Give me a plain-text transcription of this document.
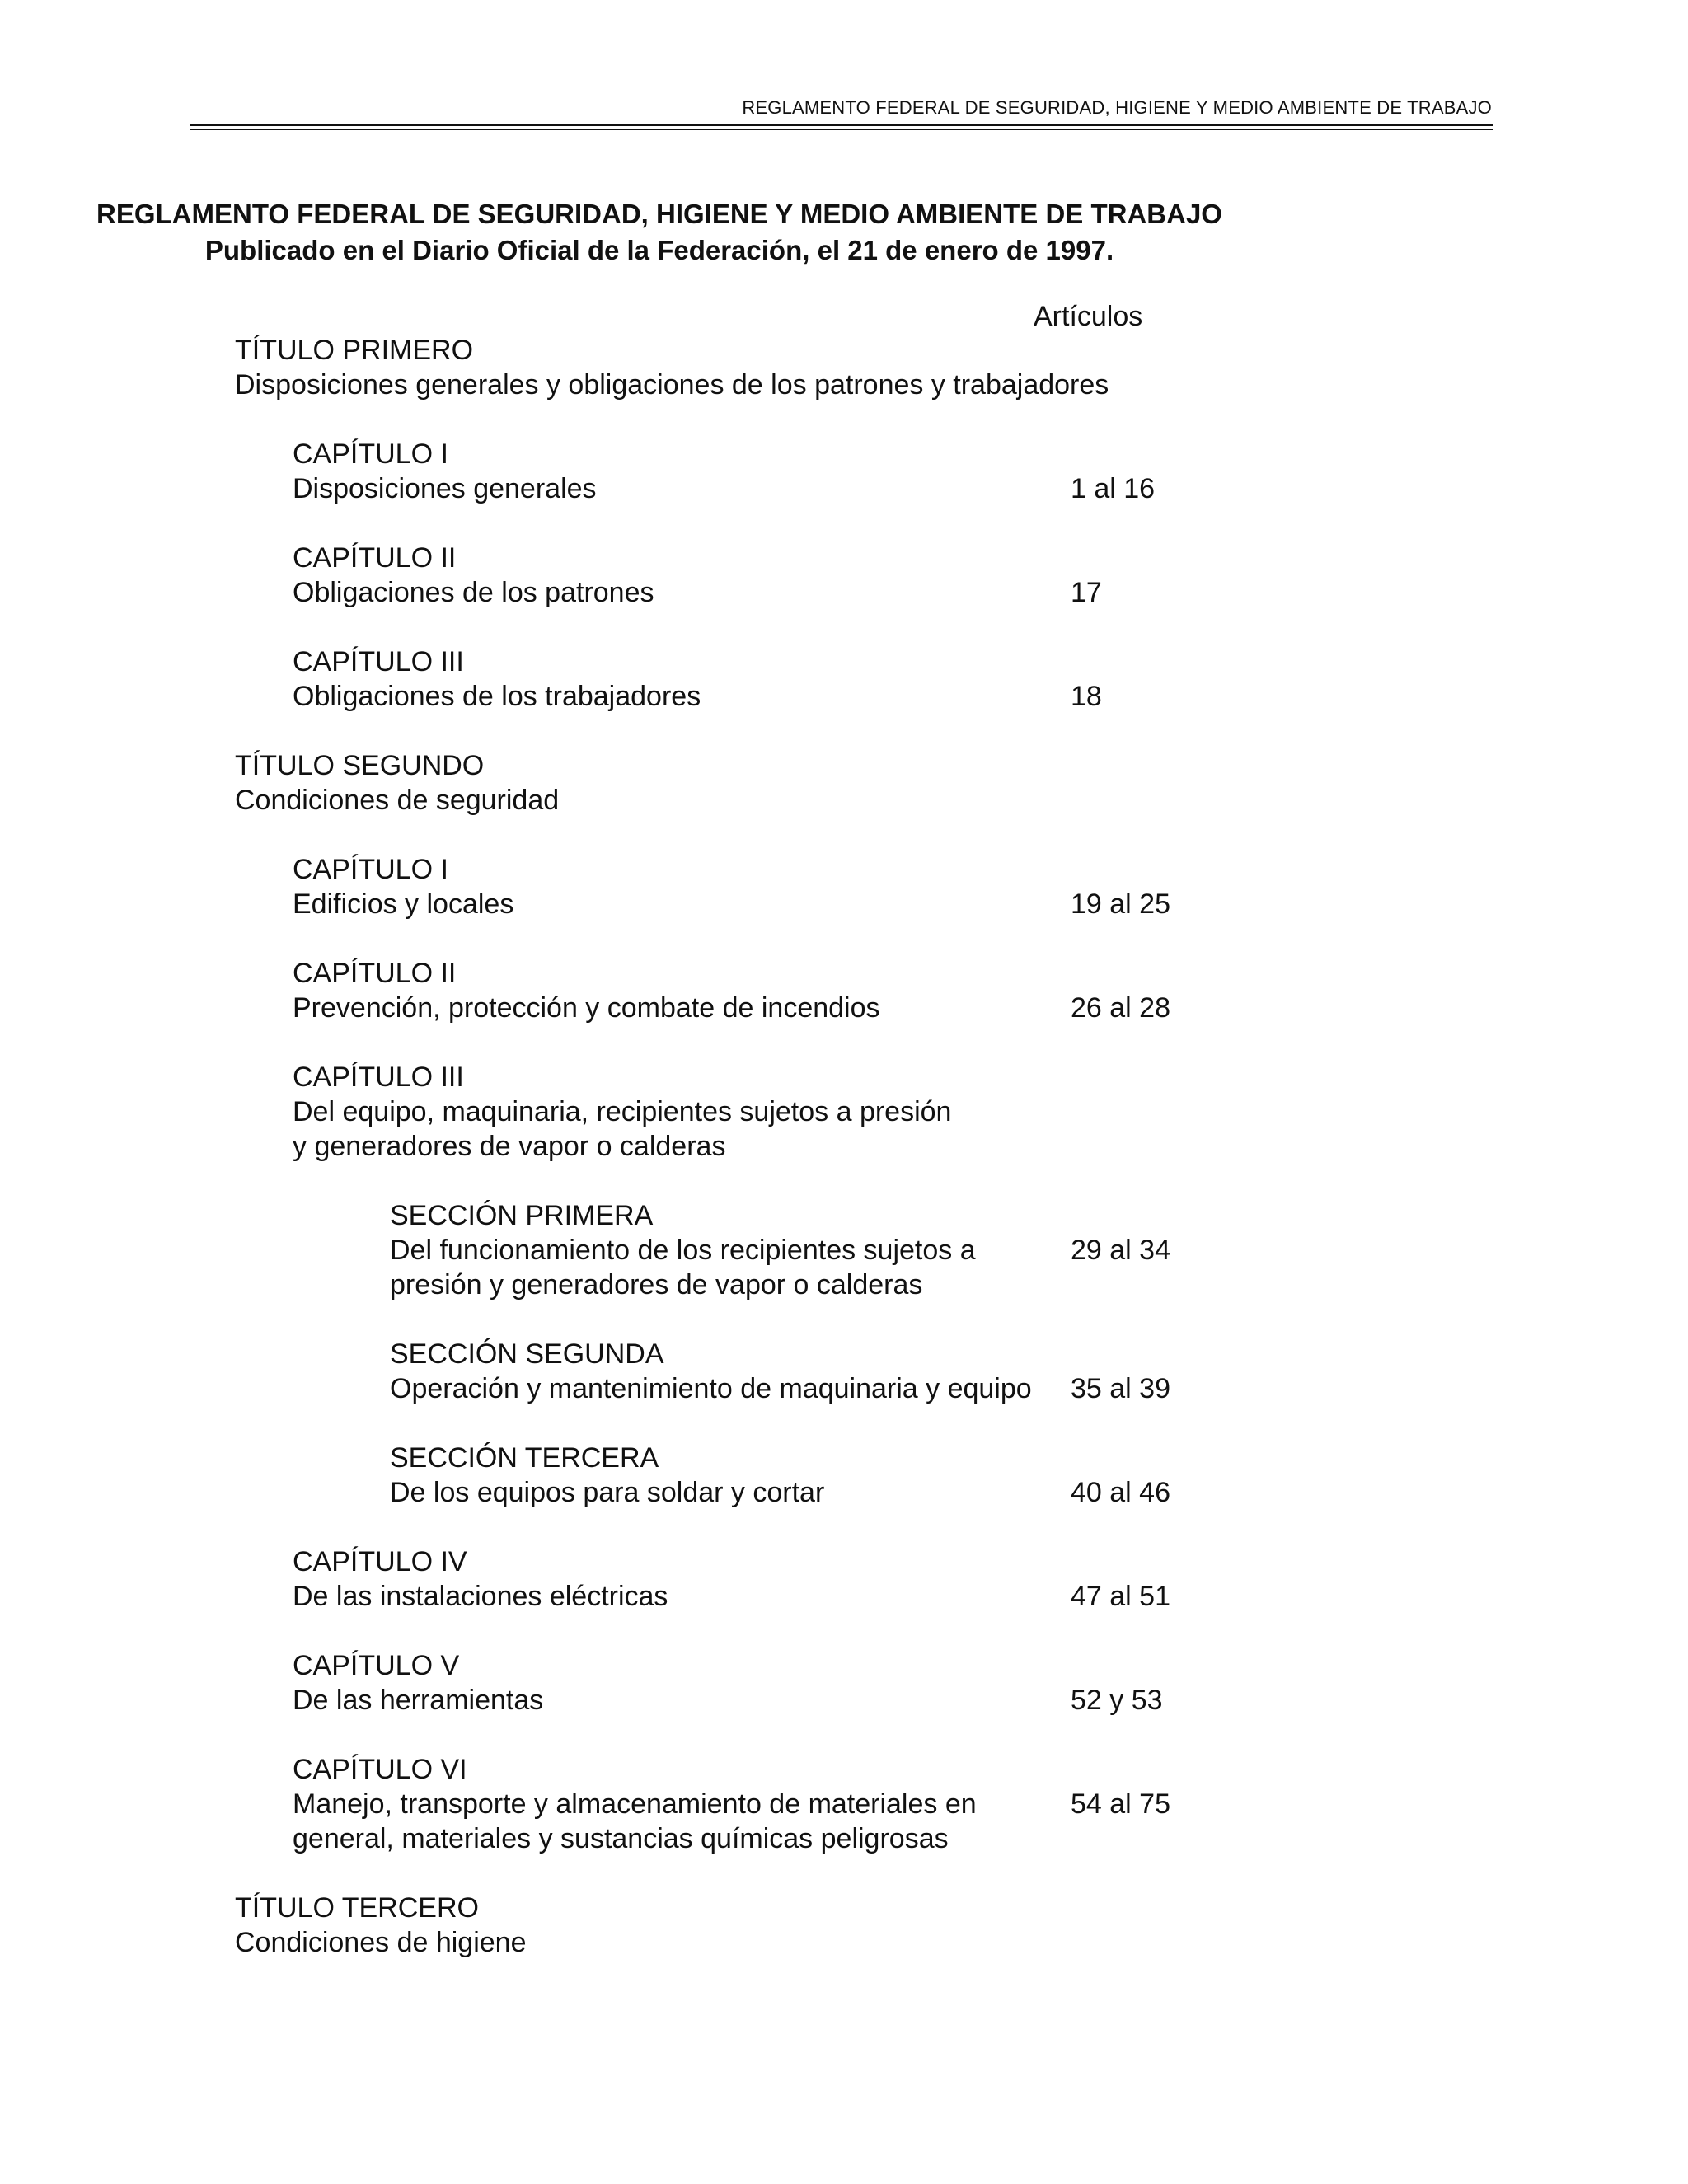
REGLAMENTO FEDERAL DE SEGURIDAD, HIGIENE Y MEDIO AMBIENTE DE TRABAJO
REGLAMENTO FEDERAL DE SEGURIDAD, HIGIENE Y MEDIO AMBIENTE DE TRABAJO
Publicado en el Diario Oficial de la Federación, el 21 de enero de 1997.
Artículos
TÍTULO PRIMERO
Disposiciones generales y obligaciones de los patrones y trabajadores
CAPÍTULO I
Disposiciones generales	1 al 16
CAPÍTULO II
Obligaciones de los patrones	17
CAPÍTULO III
Obligaciones de los trabajadores	18
TÍTULO SEGUNDO
Condiciones de seguridad
CAPÍTULO I
Edificios y locales	19 al 25
CAPÍTULO II
Prevención, protección y combate de incendios	26 al 28
CAPÍTULO III
Del equipo, maquinaria, recipientes sujetos a presión
y generadores de vapor o calderas
SECCIÓN PRIMERA
Del funcionamiento de los recipientes sujetos a	29 al 34
presión y generadores de vapor o calderas
SECCIÓN SEGUNDA
Operación y mantenimiento de maquinaria y equipo 35 al 39
SECCIÓN TERCERA
De los equipos para soldar y cortar	40 al 46
CAPÍTULO IV
De las instalaciones eléctricas	47 al 51
CAPÍTULO V
De las herramientas	52 y 53
CAPÍTULO VI
Manejo, transporte y almacenamiento de materiales en	54 al 75
general, materiales y sustancias químicas peligrosas
TÍTULO TERCERO
Condiciones de higiene
